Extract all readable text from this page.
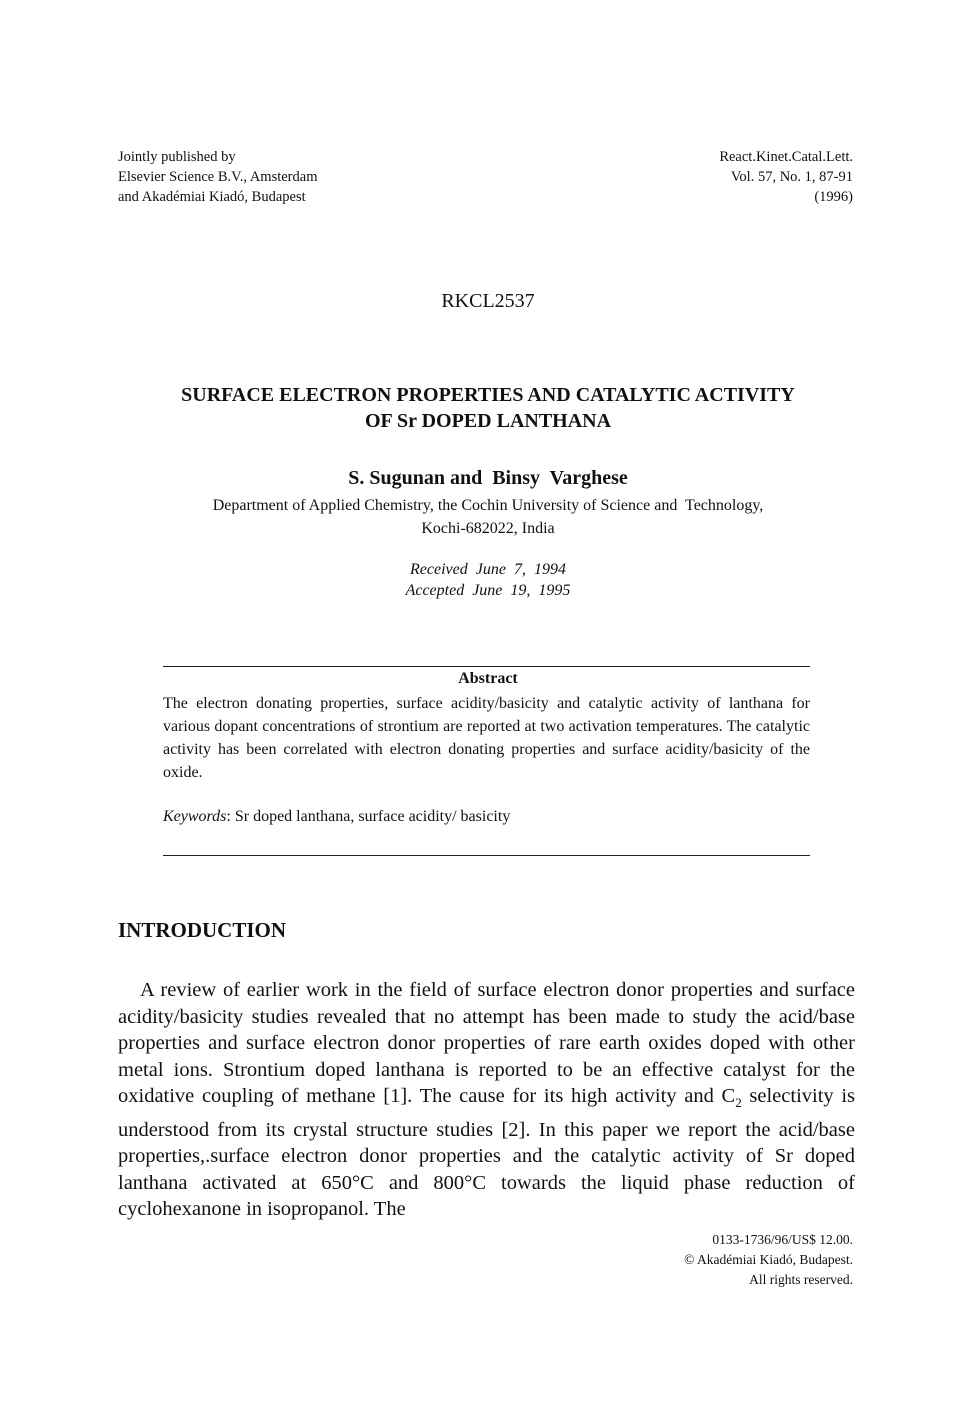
Jointly published by
Elsevier Science B.V., Amsterdam
and Akadémiai Kiadó, Budapest
React.Kinet.Catal.Lett.
Vol. 57, No. 1, 87-91
(1996)
RKCL2537
SURFACE ELECTRON PROPERTIES AND CATALYTIC ACTIVITY
OF Sr DOPED LANTHANA
S. Sugunan and  Binsy  Varghese
Department of Applied Chemistry, the Cochin University of Science and  Technology,
Kochi-682022, India
Received  June  7,  1994
Accepted  June  19,  1995
Abstract
The electron donating properties, surface acidity/basicity and catalytic activity of lanthana for various dopant concentrations of strontium are reported at two activation temperatures. The catalytic activity has been correlated with electron donating properties and surface acidity/basicity of the oxide.
Keywords: Sr doped lanthana, surface acidity/ basicity
INTRODUCTION
A review of earlier work in the field of surface electron donor properties and surface acidity/basicity studies revealed that no attempt has been made to study the acid/base properties and surface electron donor properties of rare earth oxides doped with other metal ions. Strontium doped lanthana is reported to be an effective catalyst for the oxidative coupling of methane [1]. The cause for its high activity and $C_2$ selectivity is understood from its crystal structure studies [2]. In this paper we report the acid/base properties,.surface electron donor properties and the catalytic activity of Sr doped lanthana activated at 650°C and 800°C towards the liquid phase reduction of cyclohexanone in isopropanol. The
0133-1736/96/US$ 12.00.
© Akadémiai Kiadó, Budapest.
All rights reserved.
